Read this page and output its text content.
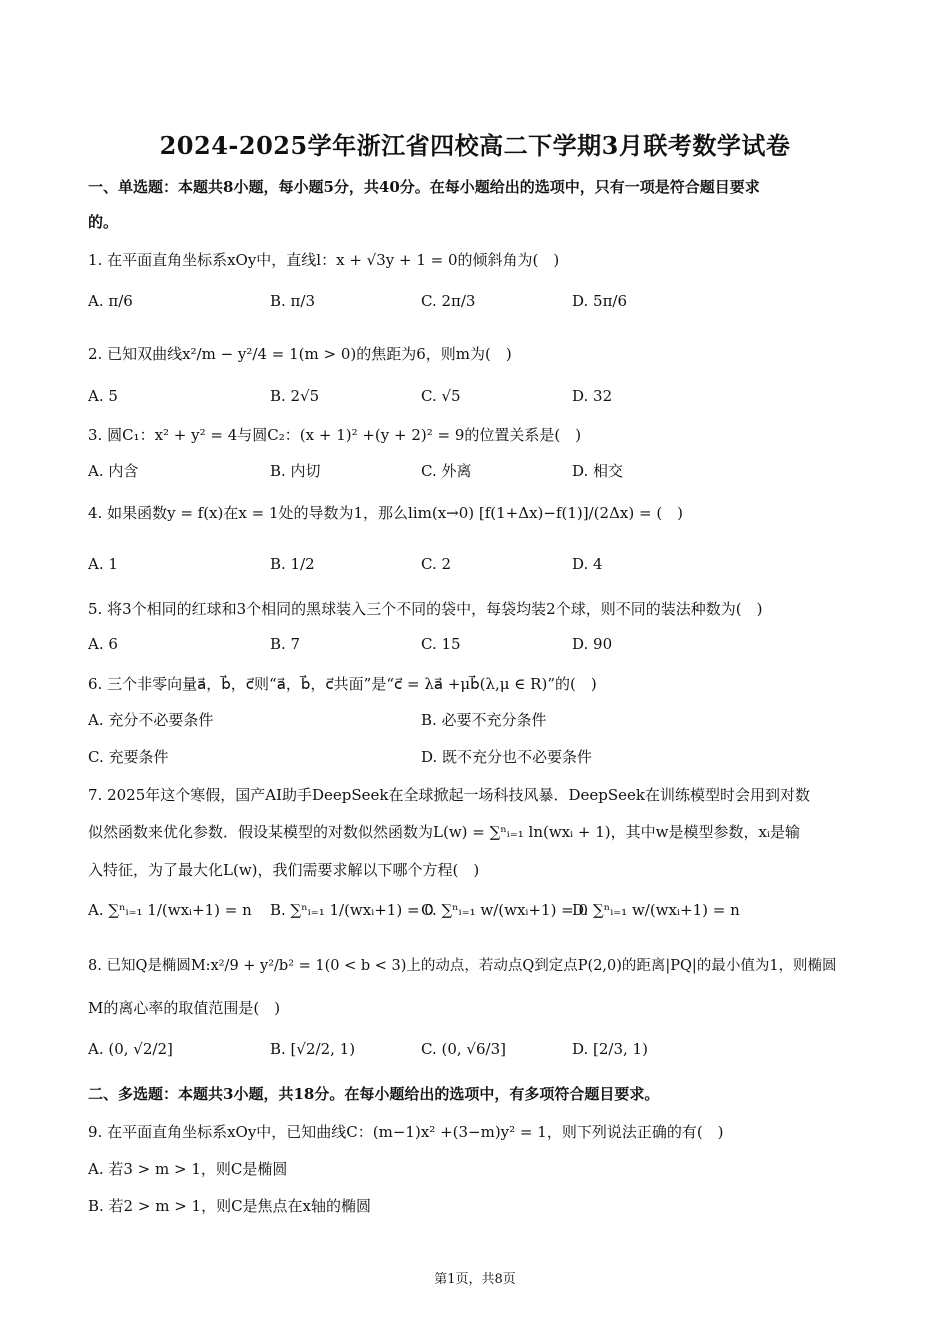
2024-2025学年浙江省四校高二下学期3月联考数学试卷
一、单选题：本题共8小题，每小题5分，共40分。在每小题给出的选项中，只有一项是符合题目要求
的。
1. 在平面直角坐标系xOy中，直线l：x + √3y + 1 = 0的倾斜角为(　)
A. π/6	B. π/3	C. 2π/3	D. 5π/6
2. 已知双曲线x²/m − y²/4 = 1(m > 0)的焦距为6，则m为(　)
A. 5	B. 2√5	C. √5	D. 32
3. 圆C₁：x² + y² = 4与圆C₂：(x + 1)² +(y + 2)² = 9的位置关系是(　)
A. 内含	B. 内切	C. 外离	D. 相交
4. 如果函数y = f(x)在x = 1处的导数为1，那么lim(x→0) [f(1+Δx)−f(1)]/(2Δx) = (　)
A. 1	B. 1/2	C. 2	D. 4
5. 将3个相同的红球和3个相同的黑球装入三个不同的袋中，每袋均装2个球，则不同的装法种数为(　)
A. 6	B. 7	C. 15	D. 90
6. 三个非零向量a⃗，b⃗，c⃗则“a⃗，b⃗，c⃗共面”是“c⃗ = λa⃗ +μb⃗(λ,μ ∈ R)”的(　)
A. 充分不必要条件	B. 必要不充分条件
C. 充要条件	D. 既不充分也不必要条件
7. 2025年这个寒假，国产AI助手DeepSeek在全球掀起一场科技风暴．DeepSeek在训练模型时会用到对数
似然函数来优化参数．假设某模型的对数似然函数为L(w) = ∑ⁿᵢ₌₁ ln(wxᵢ + 1)，其中w是模型参数，xᵢ是输
入特征，为了最大化L(w)，我们需要求解以下哪个方程(　)
A. ∑ⁿᵢ₌₁ 1/(wxᵢ+1) = n B. ∑ⁿᵢ₌₁ 1/(wxᵢ+1) = 0
C. ∑ⁿᵢ₌₁ w/(wxᵢ+1) = 0
D. ∑ⁿᵢ₌₁ w/(wxᵢ+1) = n
8. 已知Q是椭圆M:x²/9 + y²/b² = 1(0 < b < 3)上的动点，若动点Q到定点P(2,0)的距离|PQ|的最小值为1，则椭圆
M的离心率的取值范围是(　)
A. (0, √2/2]	B. [√2/2, 1)	C. (0, √6/3]	D. [2/3, 1)
二、多选题：本题共3小题，共18分。在每小题给出的选项中，有多项符合题目要求。
9. 在平面直角坐标系xOy中，已知曲线C：(m−1)x² +(3−m)y² = 1，则下列说法正确的有(　)
A. 若3 > m > 1，则C是椭圆
B. 若2 > m > 1，则C是焦点在x轴的椭圆
第1页，共8页
